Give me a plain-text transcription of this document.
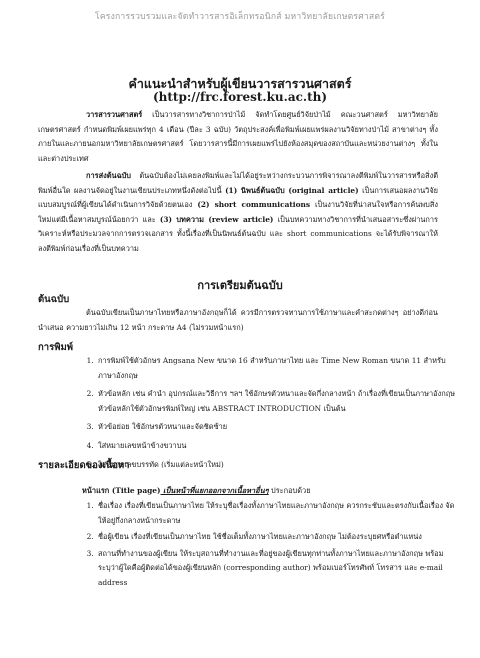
โครงการรวบรวมและจัดทำวารสารอิเล็กทรอนิกส์ มหาวิทยาลัยเกษตรศาสตร์
คำแนะนำสำหรับผู้เขียนวารสารวนศาสตร์
(http://frc.forest.ku.ac.th)

วารสารวนศาสตร์ เป็นวารสารทางวิชาการป่าไม้ จัดทำโดยศูนย์วิจัยป่าไม้ คณะวนศาสตร์ มหาวิทยาลัยเกษตรศาสตร์ กำหนดพิมพ์เผยแพร่ทุก 4 เดือน (ปีละ 3 ฉบับ) วัตถุประสงค์เพื่อพิมพ์เผยแพร่ผลงานวิจัยทางป่าไม้ สาขาต่างๆ ทั้งภายในและภายนอกมหาวิทยาลัยเกษตรศาสตร์ โดยวารสารนี้มีการเผยแพร่ไปยังห้องสมุดของสถาบันและหน่วยงานต่างๆ ทั้งในและต่างประเทศ

การส่งต้นฉบับ ต้นฉบับต้องไม่เคยลงพิมพ์และไม่ได้อยู่ระหว่างกระบวนการพิจารณาลงตีพิมพ์ในวารสารหรือสิ่งตีพิมพ์อื่นใด ผลงานจัดอยู่ในงานเขียนประเภทหนึ่งดังต่อไปนี้ (1) นิพนธ์ต้นฉบับ (original article) เป็นการเสนอผลงานวิจัยแบบสมบูรณ์ที่ผู้เขียนได้ดำเนินการวิจัยด้วยตนเอง (2) short communications เป็นงานวิจัยที่น่าสนใจหรือการค้นพบสิ่งใหม่แต่มีเนื้อหาสมบูรณ์น้อยกว่า และ (3) บทความ (review article) เป็นบทความทางวิชาการที่นำเสนอสาระซึ่งผ่านการวิเคราะห์หรือประมวลจากการตรวจเอกสาร ทั้งนี้เรื่องที่เป็นนิพนธ์ต้นฉบับ และ short communications จะได้รับพิจารณาให้ลงตีพิมพ์ก่อนเรื่องที่เป็นบทความ

การเตรียมต้นฉบับ
ต้นฉบับ

ต้นฉบับเขียนเป็นภาษาไทยหรือภาษาอังกฤษก็ได้ ควรมีการตรวจทานการใช้ภาษาและคำสะกดต่างๆ อย่างดีก่อนนำเสนอ ความยาวไม่เกิน 12 หน้า กระดาษ A4 (ไม่รวมหน้าแรก)

การพิมพ์
1. การพิมพ์ใช้ตัวอักษร Angsana New ขนาด 16 สำหรับภาษาไทย และ Time New Roman ขนาด 11 สำหรับภาษาอังกฤษ
2. หัวข้อหลัก เช่น คำนำ อุปกรณ์และวิธีการ ฯลฯ ใช้อักษรตัวหนาและจัดกึ่งกลางหน้า ถ้าเรื่องที่เขียนเป็นภาษาอังกฤษ หัวข้อหลักใช้ตัวอักษรพิมพ์ใหญ่ เช่น ABSTRACT INTRODUCTION เป็นต้น
3. หัวข้อย่อย ใช้อักษรตัวหนาและจัดชิดซ้าย
4. ใส่หมายเลขหน้าข้างขวาบน
5. ใส่หมายเลขบรรทัด (เริ่มแต่ละหน้าใหม่)
รายละเอียดของเนื้อหา

หน้าแรก (Title page) เป็นหน้าที่แยกออกจากเนื้อหาอื่นๆ ประกอบด้วย

1. ชื่อเรื่อง เรื่องที่เขียนเป็นภาษาไทย ให้ระบุชื่อเรื่องทั้งภาษาไทยและภาษาอังกฤษ ควรกระชับและตรงกับเนื้อเรื่อง จัดให้อยู่กึ่งกลางหน้ากระดาษ
2. ชื่อผู้เขียน เรื่องที่เขียนเป็นภาษาไทย ใช้ชื่อเต็มทั้งภาษาไทยและภาษาอังกฤษ ไม่ต้องระบุยศหรือตำแหน่ง
3. สถานที่ทำงานของผู้เขียน ให้ระบุสถานที่ทำงานและที่อยู่ของผู้เขียนทุกท่านทั้งภาษาไทยและภาษาอังกฤษ พร้อมระบุว่าผู้ใดคือผู้ติดต่อได้ของผู้เขียนหลัก (corresponding author) พร้อมเบอร์โทรศัพท์ โทรสาร และ e-mail address
